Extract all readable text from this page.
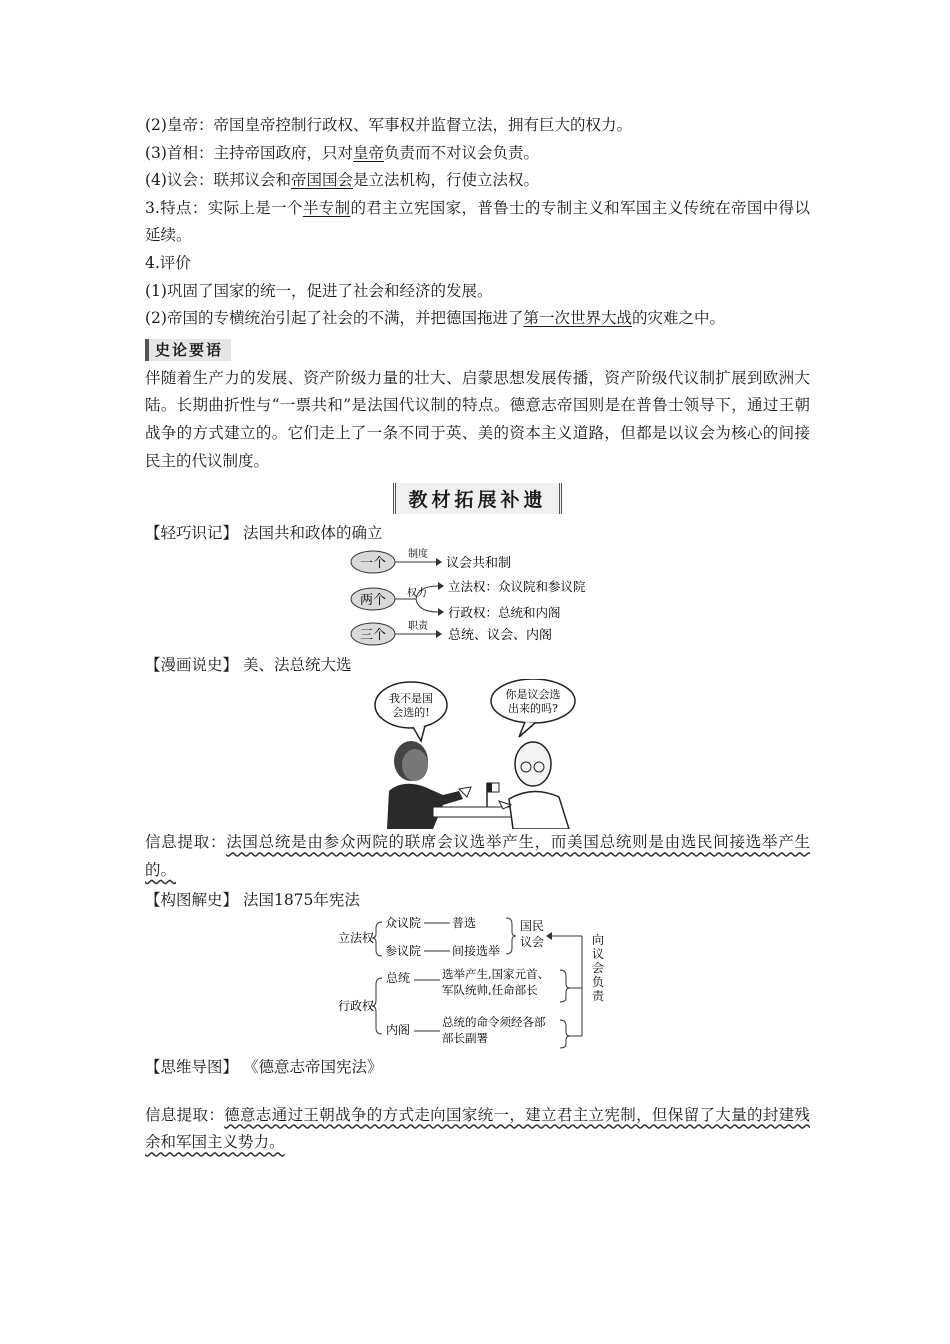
(2)皇帝：帝国皇帝控制行政权、军事权并监督立法，拥有巨大的权力。
(3)首相：主持帝国政府，只对皇帝负责而不对议会负责。
(4)议会：联邦议会和帝国国会是立法机构，行使立法权。
3.特点：实际上是一个半专制的君主立宪国家，普鲁士的专制主义和军国主义传统在帝国中得以延续。
4.评价
(1)巩固了国家的统一，促进了社会和经济的发展。
(2)帝国的专横统治引起了社会的不满，并把德国拖进了第一次世界大战的灾难之中。
史论要语
伴随着生产力的发展、资产阶级力量的壮大、启蒙思想发展传播，资产阶级代议制扩展到欧洲大陆。长期曲折性与“一票共和”是法国代议制的特点。德意志帝国则是在普鲁士领导下，通过王朝战争的方式建立的。它们走上了一条不同于英、美的资本主义道路，但都是以议会为核心的间接民主的代议制度。
教材拓展补遗
【轻巧识记】 法国共和政体的确立
一个
两个
三个
制度
议会共和制
权力 立法权：众议院和参议院
行政权：总统和内阁
职责
总统、议会、内阁
【漫画说史】 美、法总统大选
我不是国
会选的!
你是议会选
出来的吗?
信息提取：法国总统是由参众两院的联席会议选举产生，而美国总统则是由选民间接选举产生的。
【构图解史】 法国1875年宪法
立法权
众议院	普选
参议院	间接选举
国民
议会
行政权
总统	选举产生,国家元首、
军队统帅,任命部长
内阁
总统的命令须经各部
部长副署
向议会负责
【思维导图】 《德意志帝国宪法》
信息提取：德意志通过王朝战争的方式走向国家统一，建立君主立宪制，但保留了大量的封建残余和军国主义势力。
